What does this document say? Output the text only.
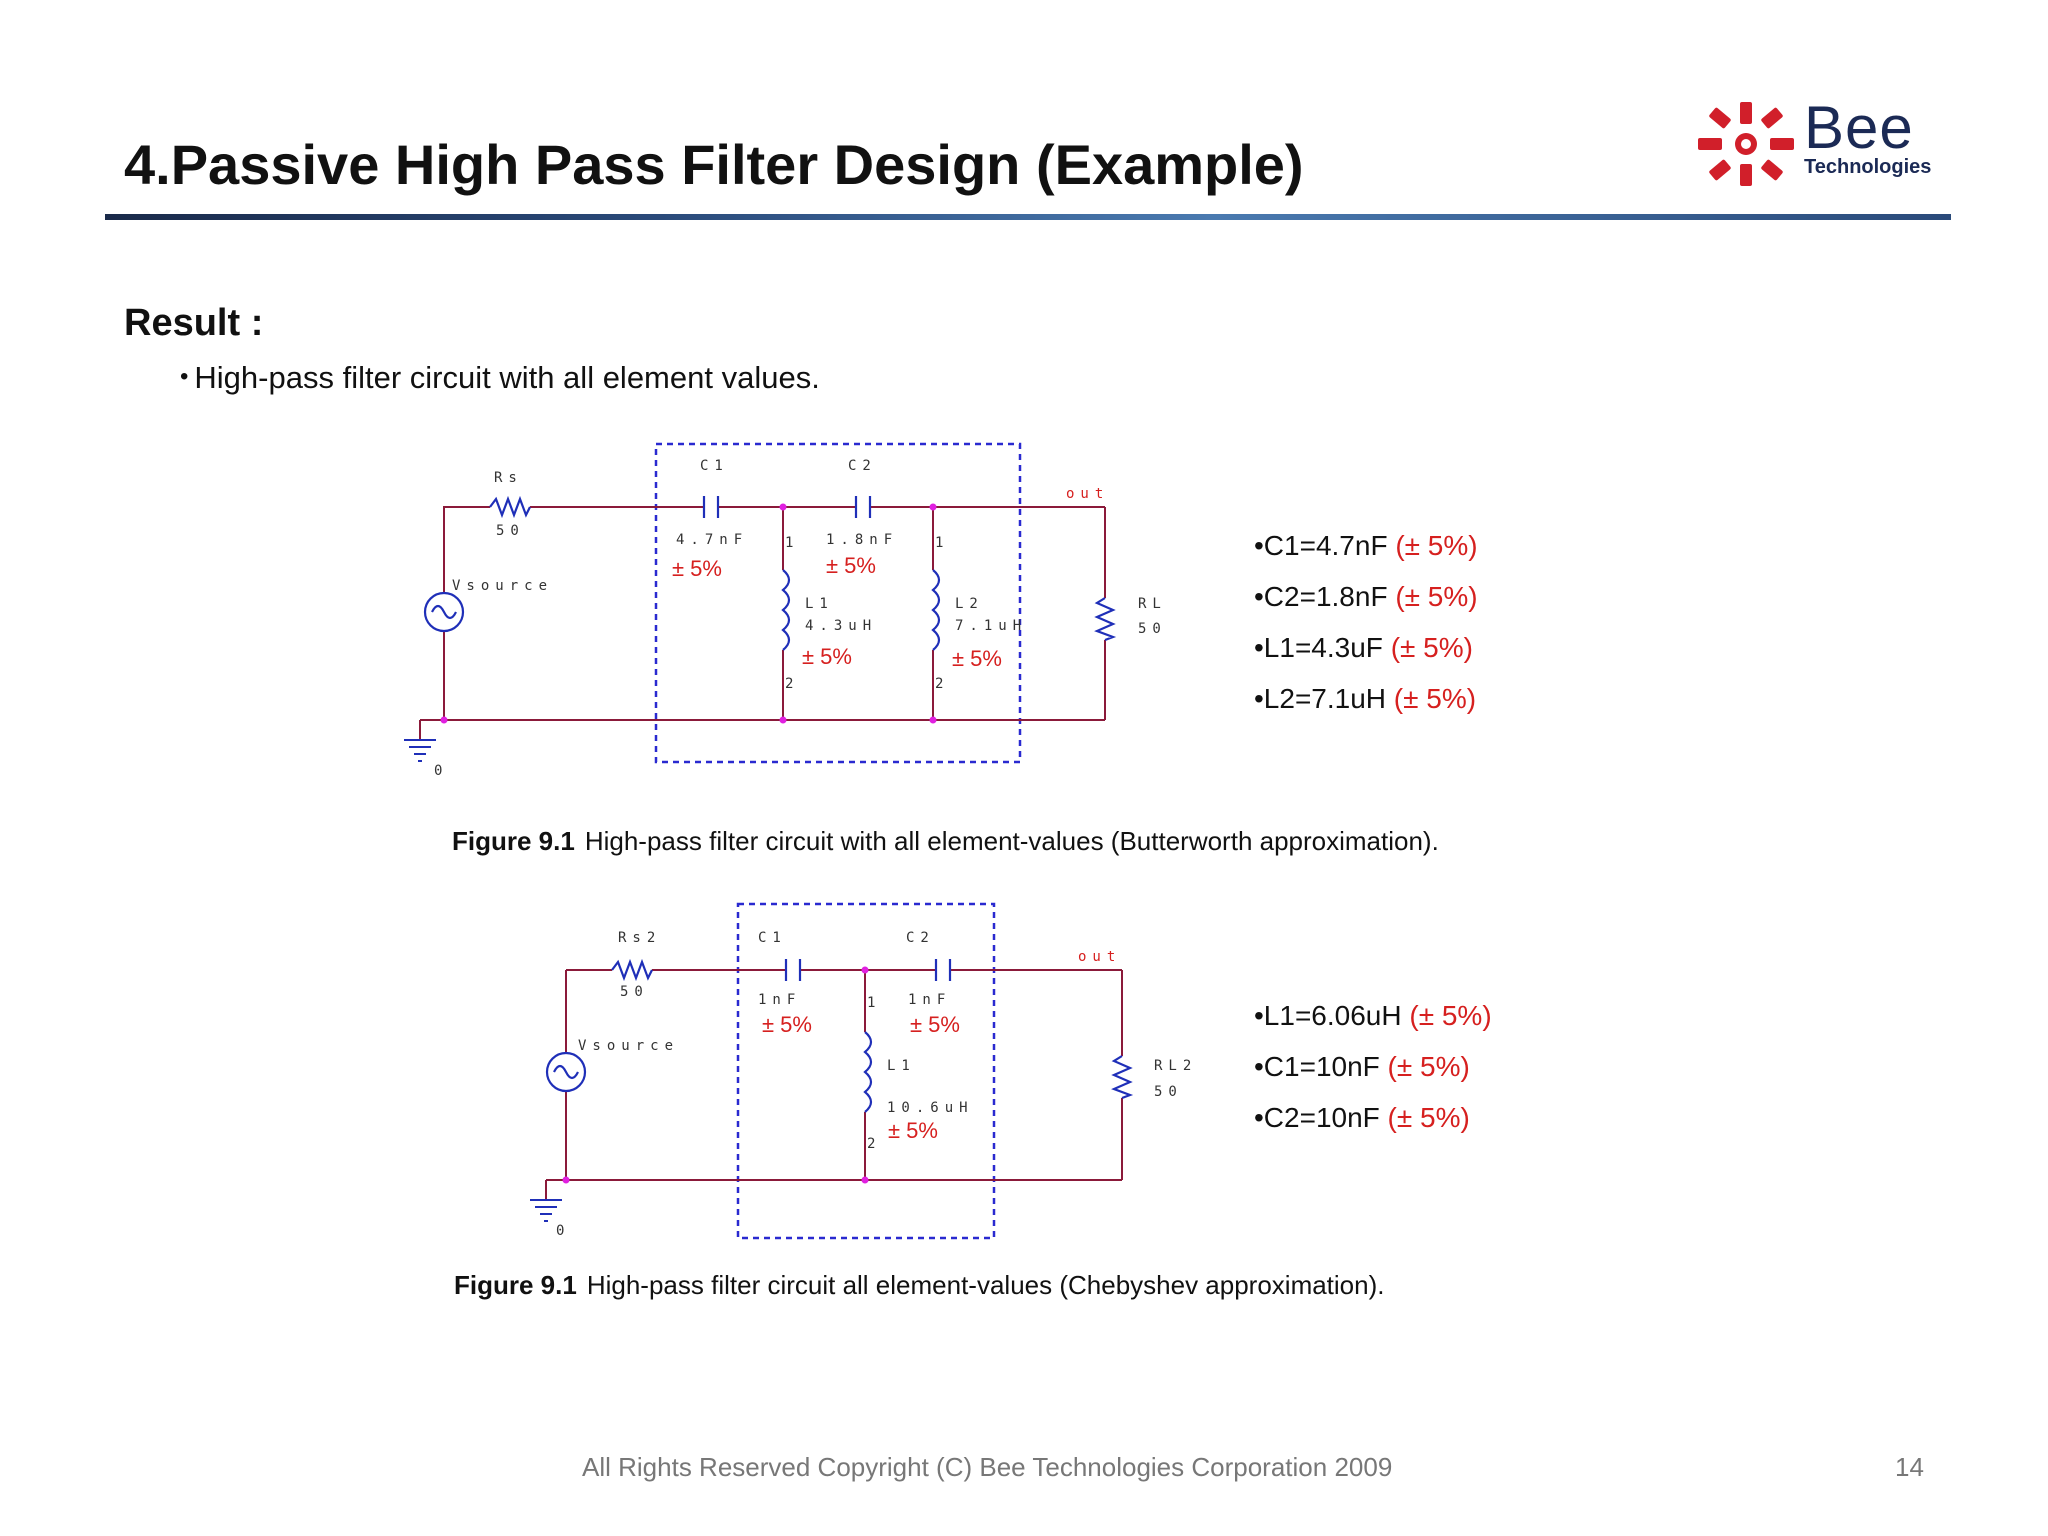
4.Passive High Pass Filter Design (Example)
Bee
Technologies
Result :
• High-pass filter circuit with all element values.
Rs
50
C1
4.7nF
± 5%
C2
1.8nF
± 5%
1
2
L1
4.3uH
± 5%
1
2
L2
7.1uH
± 5%
Vsource
out
RL
50
0
•C1=4.7nF (± 5%)
•C2=1.8nF (± 5%)
•L1=4.3uF (± 5%)
•L2=7.1uH (± 5%)
Figure 9.1 High-pass filter circuit with all element-values (Butterworth approximation).
Rs2
50
C1
1nF
± 5%
C2
1nF
± 5%
1
2
L1
10.6uH
± 5%
Vsource
out
RL2
50
0
•L1=6.06uH (± 5%)
•C1=10nF (± 5%)
•C2=10nF (± 5%)
Figure 9.1 High-pass filter circuit all element-values (Chebyshev approximation).
All Rights Reserved Copyright (C) Bee Technologies Corporation 2009	14
